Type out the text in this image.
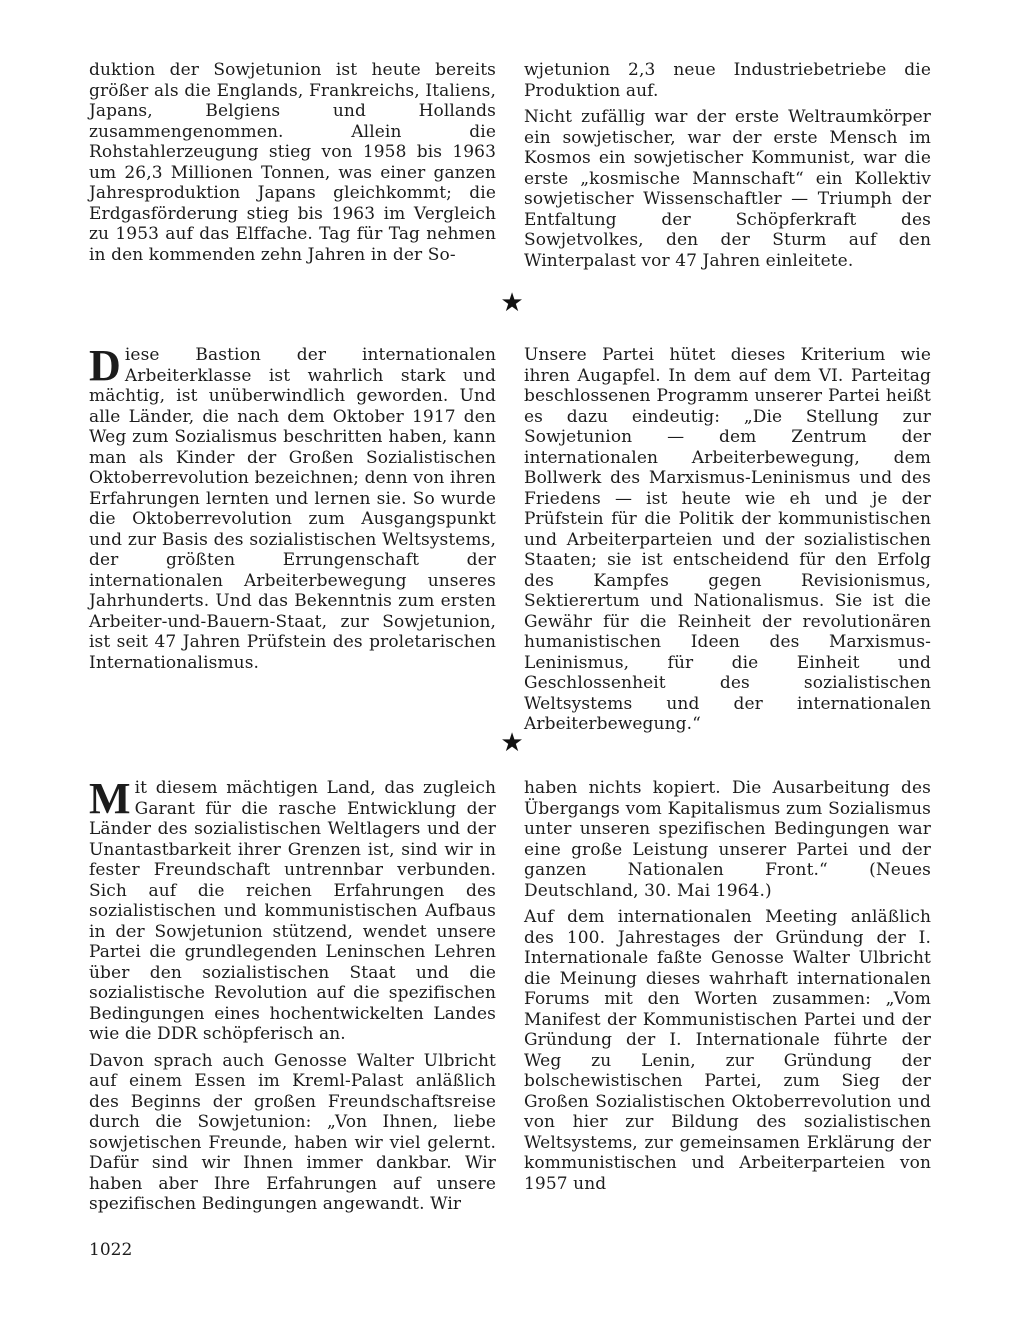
duktion der Sowjetunion ist heute bereits größer als die Englands, Frankreichs, Italiens, Japans, Belgiens und Hollands zusammengenommen. Allein die Rohstahlerzeugung stieg von 1958 bis 1963 um 26,3 Millionen Tonnen, was einer ganzen Jahresproduktion Japans gleichkommt; die Erdgasförderung stieg bis 1963 im Vergleich zu 1953 auf das Elffache. Tag für Tag nehmen in den kommenden zehn Jahren in der So-

wjetunion 2,3 neue Industriebetriebe die Produktion auf.

Nicht zufällig war der erste Weltraumkörper ein sowjetischer, war der erste Mensch im Kosmos ein sowjetischer Kommunist, war die erste „kosmische Mannschaft“ ein Kollektiv sowjetischer Wissenschaftler — Triumph der Entfaltung der Schöpferkraft des Sowjetvolkes, den der Sturm auf den Winterpalast vor 47 Jahren einleitete.

★

Diese Bastion der internationalen Arbeiterklasse ist wahrlich stark und mächtig, ist unüberwindlich geworden. Und alle Länder, die nach dem Oktober 1917 den Weg zum Sozialismus beschritten haben, kann man als Kinder der Großen Sozialistischen Oktoberrevolution bezeichnen; denn von ihren Erfahrungen lernten und lernen sie. So wurde die Oktoberrevolution zum Ausgangspunkt und zur Basis des sozialistischen Weltsystems, der größten Errungenschaft der internationalen Arbeiterbewegung unseres Jahrhunderts. Und das Bekenntnis zum ersten Arbeiter-und-Bauern-Staat, zur Sowjetunion, ist seit 47 Jahren Prüfstein des proletarischen Internationalismus.

Unsere Partei hütet dieses Kriterium wie ihren Augapfel. In dem auf dem VI. Parteitag beschlossenen Programm unserer Partei heißt es dazu eindeutig: „Die Stellung zur Sowjetunion — dem Zentrum der internationalen Arbeiterbewegung, dem Bollwerk des Marxismus-Leninismus und des Friedens — ist heute wie eh und je der Prüfstein für die Politik der kommunistischen und Arbeiterparteien und der sozialistischen Staaten; sie ist entscheidend für den Erfolg des Kampfes gegen Revisionismus, Sektierertum und Nationalismus. Sie ist die Gewähr für die Reinheit der revolutionären humanistischen Ideen des Marxismus-Leninismus, für die Einheit und Geschlossenheit des sozialistischen Weltsystems und der internationalen Arbeiterbewegung.“

★

Mit diesem mächtigen Land, das zugleich Garant für die rasche Entwicklung der Länder des sozialistischen Weltlagers und der Unantastbarkeit ihrer Grenzen ist, sind wir in fester Freundschaft untrennbar verbunden. Sich auf die reichen Erfahrungen des sozialistischen und kommunistischen Aufbaus in der Sowjetunion stützend, wendet unsere Partei die grundlegenden Leninschen Lehren über den sozialistischen Staat und die sozialistische Revolution auf die spezifischen Bedingungen eines hochentwickelten Landes wie die DDR schöpferisch an.

Davon sprach auch Genosse Walter Ulbricht auf einem Essen im Kreml-Palast anläßlich des Beginns der großen Freundschaftsreise durch die Sowjetunion: „Von Ihnen, liebe sowjetischen Freunde, haben wir viel gelernt. Dafür sind wir Ihnen immer dankbar. Wir haben aber Ihre Erfahrungen auf unsere spezifischen Bedingungen angewandt. Wir

haben nichts kopiert. Die Ausarbeitung des Übergangs vom Kapitalismus zum Sozialismus unter unseren spezifischen Bedingungen war eine große Leistung unserer Partei und der ganzen Nationalen Front.“ (Neues Deutschland, 30. Mai 1964.)

Auf dem internationalen Meeting anläßlich des 100. Jahrestages der Gründung der I. Internationale faßte Genosse Walter Ulbricht die Meinung dieses wahrhaft internationalen Forums mit den Worten zusammen: „Vom Manifest der Kommunistischen Partei und der Gründung der I. Internationale führte der Weg zu Lenin, zur Gründung der bolschewistischen Partei, zum Sieg der Großen Sozialistischen Oktoberrevolution und von hier zur Bildung des sozialistischen Weltsystems, zur gemeinsamen Erklärung der kommunistischen und Arbeiterparteien von 1957 und

1022
